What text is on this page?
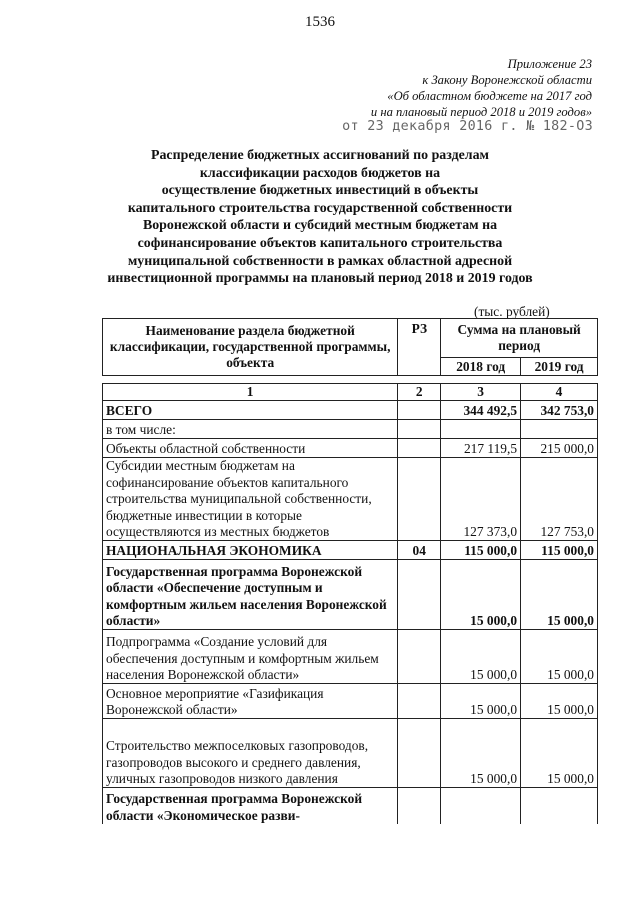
1536
Приложение 23
к Закону Воронежской области
«Об областном бюджете на 2017 год
и на плановый период 2018 и 2019 годов»
от 23 декабря 2016 г. № 182-ОЗ
Распределение бюджетных ассигнований по разделам
классификации расходов бюджетов на
осуществление бюджетных инвестиций в объекты
капитального строительства государственной собственности
Воронежской области и субсидий местным бюджетам на
софинансирование объектов капитального строительства
муниципальной собственности в рамках областной адресной
инвестиционной программы на плановый период 2018 и 2019 годов
(тыс. рублей)
Наименование раздела бюджетной классификации, государственной программы, объекта	РЗ	Сумма на плановый период	
		2018 год	2019 год
1	2	3	4
ВСЕГО		344 492,5	342 753,0
в том числе:			
Объекты областной собственности		217 119,5	215 000,0
Субсидии местным бюджетам на софинансирование объектов капитального строительства муниципальной собственности, бюджетные инвестиции в которые осуществляются из местных бюджетов		127 373,0	127 753,0
НАЦИОНАЛЬНАЯ ЭКОНОМИКА	04	115 000,0	115 000,0
Государственная программа Воронежской области «Обеспечение доступным и комфортным жильем населения Воронежской области»		15 000,0	15 000,0
Подпрограмма «Создание условий для обеспечения доступным и комфортным жильем населения Воронежской области»		15 000,0	15 000,0
Основное мероприятие «Газификация Воронежской области»		15 000,0	15 000,0
Строительство межпоселковых газопроводов, газопроводов высокого и среднего давления, уличных газопроводов низкого давления		15 000,0	15 000,0
Государственная программа Воронежской области «Экономическое разви-			
